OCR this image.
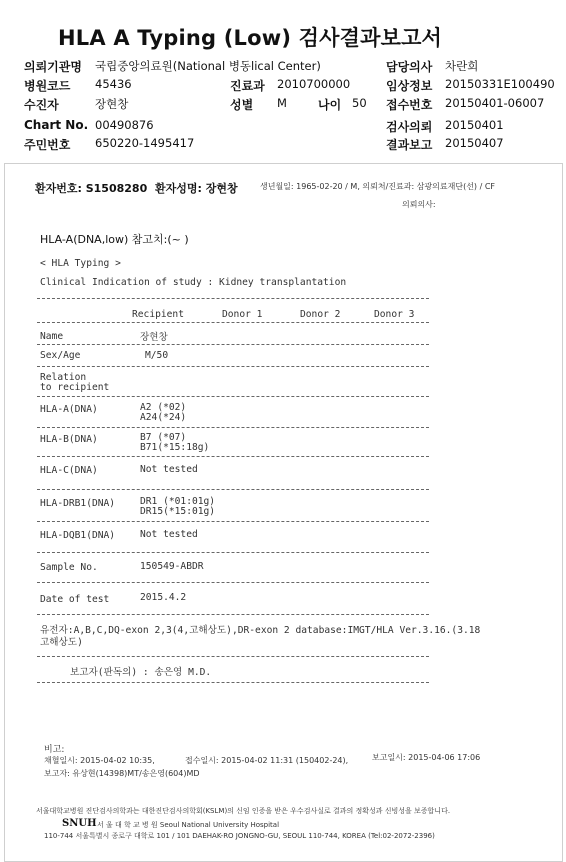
HLA A Typing (Low) 검사결과보고서
의뢰기관명 국립중앙의료원(National 병동lical Center)	담당의사 차란희
병원코드 45436	진료과 2010700000	임상정보 20150331E100490
수진자	장현창	성별 M	나이 50 접수번호 20150401-06007
Chart No. 00490876	검사의뢰 20150401
주민번호 650220-1495417	결과보고 20150407
환자번호: S1508280 환자성명: 장현창	생년월일: 1965-02-20 / M, 의뢰처/진료과: 삼광의료재단(선) / CF
의뢰의사:
HLA-A(DNA,low) 참고치:(~ )
< HLA Typing >
Clinical Indication of study : Kidney transplantation
Recipient	Donor 1	Donor 2	Donor 3
Name	장현창
Sex/Age	M/50
Relation
to recipient
HLA-A(DNA)	A2 (*02)
A24(*24)
HLA-B(DNA)	B7 (*07)
B71(*15:18g)
HLA-C(DNA)	Not tested
HLA-DRB1(DNA)	DR1 (*01:01g)
DR15(*15:01g)
HLA-DQB1(DNA)	Not tested
Sample No.	150549-ABDR
Date of test	2015.4.2
유전자:A,B,C,DQ-exon 2,3(4,고해상도),DR-exon 2 database:IMGT/HLA Ver.3.16.(3.18
고해상도)
보고자(판독의) : 송은영 M.D.
비고:
채혈일시: 2015-04-02 10:35,	접수일시: 2015-04-02 11:31 (150402-24),	보고일시: 2015-04-06 17:06
보고자: 유상현(14398)MT/송은영(604)MD
서울대학교병원 진단검사의학과는 대한진단검사의학회(KSLM)의 신임 인증을 받은 우수검사실로 결과의 정확성과 신빙성을 보증합니다.
SNUH 서 울 대 학 교 병 원 Seoul National University Hospital
110-744 서울특별시 종로구 대학로 101 / 101 DAEHAK-RO JONGNO-GU, SEOUL 110-744, KOREA (Tel:02-2072-2396)
